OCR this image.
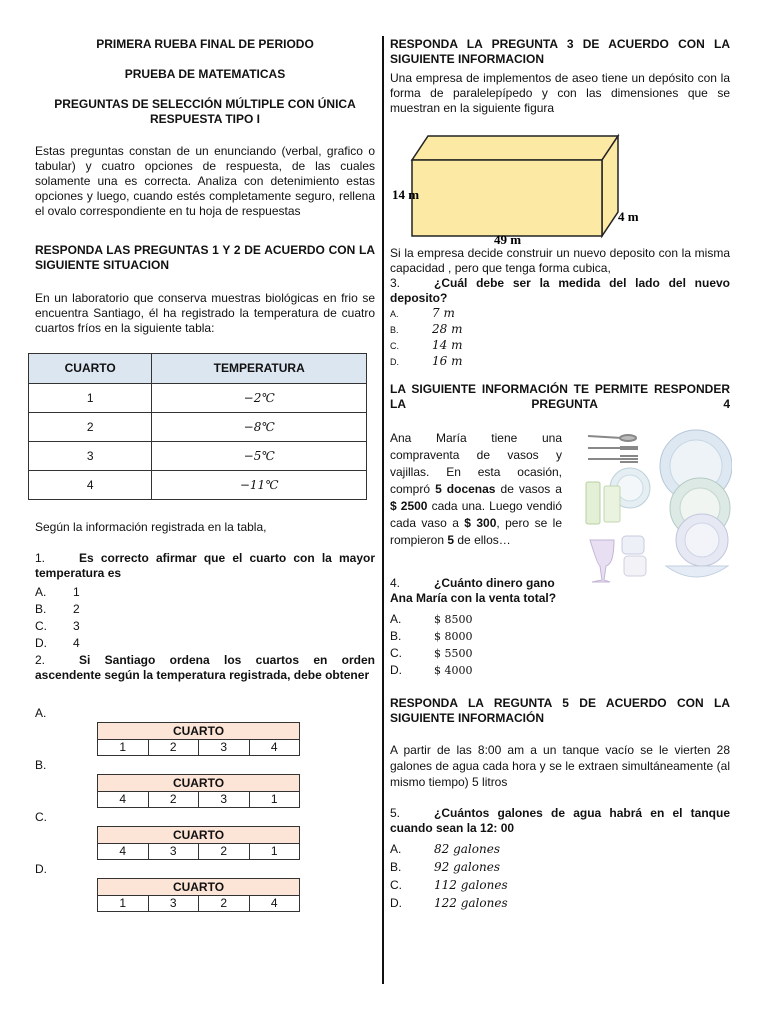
PRIMERA RUEBA FINAL DE PERIODO
PRUEBA DE MATEMATICAS
PREGUNTAS DE SELECCIÓN MÚLTIPLE CON ÚNICA RESPUESTA TIPO I
Estas preguntas constan de un enunciando (verbal, grafico o tabular) y cuatro opciones de respuesta, de las cuales solamente una es correcta. Analiza con detenimiento estas opciones y luego, cuando estés completamente seguro, rellena el ovalo correspondiente en tu hoja de respuestas
RESPONDA LAS PREGUNTAS 1 Y 2 DE ACUERDO CON LA SIGUIENTE SITUACION
En un laboratorio que conserva muestras biológicas en frio se encuentra Santiago, él ha registrado la temperatura de cuatro cuartos fríos en la siguiente tabla:
CUARTO	TEMPERATURA
1	−2℃
2	−8℃
3	−5℃
4	−11℃
Según la información registrada en la tabla,
1.	Es correcto afirmar que el cuarto con la mayor temperatura es
A. 1
B. 2
C. 3
D. 4
2.	Si Santiago ordena los cuartos en orden ascendente según la temperatura registrada, debe obtener
A.
CUARTO
1	2	3	4
B.
CUARTO
4	2	3	1
C.
CUARTO
4	3	2	1
D.
CUARTO
1	3	2	4
RESPONDA LA PREGUNTA 3 DE ACUERDO CON LA SIGUIENTE INFORMACION
Una empresa de implementos de aseo tiene un depósito con la forma de paralelepípedo y con las dimensiones que se muestran en la siguiente figura
14 m
4 m
49 m
Si la empresa decide construir un nuevo deposito con la misma capacidad , pero que tenga forma cubica,
3.	¿Cuál debe ser la medida del lado del nuevo deposito?
A.	7 m
B.	28 m
C.	14 m
D.	16 m
LA SIGUIENTE INFORMACIÓN TE PERMITE RESPONDER LA PREGUNTA 4
Ana María tiene una compraventa de vasos y vajillas. En esta ocasión, compró 5 docenas de vasos a $ 2500 cada una. Luego vendió cada vaso a $ 300, pero se le rompieron 5 de ellos…
4.	¿Cuánto dinero gano Ana María con la venta total?
A.	$ 8500
B.	$ 8000
C.	$ 5500
D.	$ 4000
RESPONDA LA REGUNTA 5 DE ACUERDO CON LA SIGUIENTE INFORMACIÓN
A partir de las 8:00 am a un tanque vacío se le vierten 28 galones de agua cada hora y se le extraen simultáneamente (al mismo tiempo) 5 litros
5.	¿Cuántos galones de agua habrá en el tanque cuando sean la 12: 00
A.	82 galones
B.	92 galones
C.	112 galones
D.	122 galones
